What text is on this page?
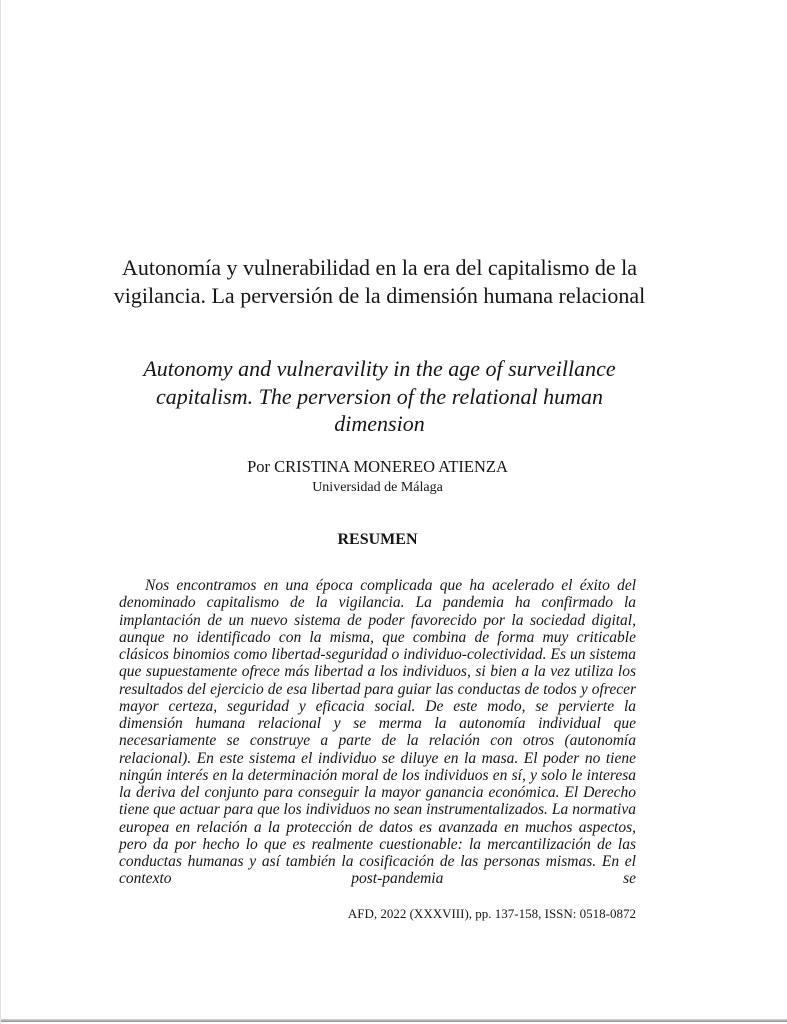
Autonomía y vulnerabilidad en la era del capitalismo de la vigilancia. La perversión de la dimensión humana relacional
Autonomy and vulneravility in the age of surveillance capitalism. The perversion of the relational human dimension
Por CRISTINA MONEREO ATIENZA
Universidad de Málaga
RESUMEN

Nos encontramos en una época complicada que ha acelerado el éxito del denominado capitalismo de la vigilancia. La pandemia ha confirmado la implantación de un nuevo sistema de poder favorecido por la sociedad digital, aunque no identificado con la misma, que combina de forma muy criticable clásicos binomios como libertad-seguridad o individuo-colectividad. Es un sistema que supuestamente ofrece más libertad a los individuos, si bien a la vez utiliza los resultados del ejercicio de esa libertad para guiar las conductas de todos y ofrecer mayor certeza, seguridad y eficacia social. De este modo, se pervierte la dimensión humana relacional y se merma la autonomía individual que necesariamente se construye a parte de la relación con otros (autonomía relacional). En este sistema el individuo se diluye en la masa. El poder no tiene ningún interés en la determinación moral de los individuos en sí, y solo le interesa la deriva del conjunto para conseguir la mayor ganancia económica. El Derecho tiene que actuar para que los individuos no sean instrumentalizados. La normativa europea en relación a la protección de datos es avanzada en muchos aspectos, pero da por hecho lo que es realmente cuestionable: la mercantilización de las conductas humanas y así también la cosificación de las personas mismas. En el contexto post-pandemia se

AFD, 2022 (XXXVIII), pp. 137-158, ISSN: 0518-0872
